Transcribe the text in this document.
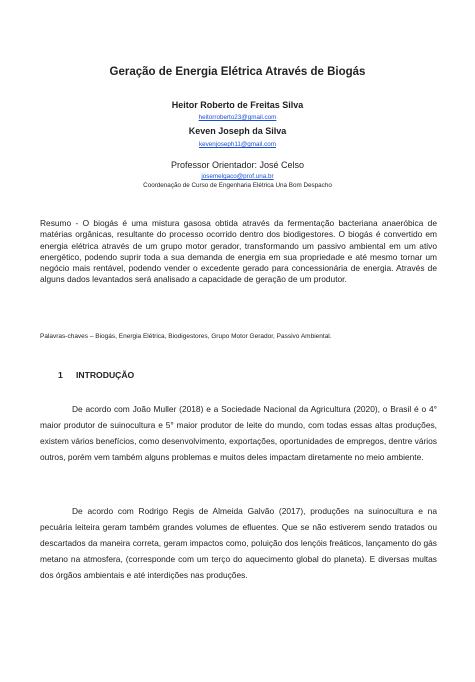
Geração de Energia Elétrica Através de Biogás
Heitor Roberto de Freitas Silva
heitorroberto23@gmail.com
Keven Joseph da Silva
kevenjoseph11@gmail.com
Professor Orientador: José Celso
josemelgaco@prof.una.br
Coordenação de Curso de Engenharia Elétrica Una Bom Despacho
Resumo - O biogás é uma mistura gasosa obtida através da fermentação bacteriana anaeróbica de matérias orgânicas, resultante do processo ocorrido dentro dos biodigestores. O biogás é convertido em energia elétrica através de um grupo motor gerador, transformando um passivo ambiental em um ativo energético, podendo suprir toda a sua demanda de energia em sua propriedade e até mesmo tornar um negócio mais rentável, podendo vender o excedente gerado para concessionária de energia. Através de alguns dados levantados será analisado a capacidade de geração de um produtor.
Palavras-chaves – Biogás, Energia Elétrica, Biodigestores, Grupo Motor Gerador, Passivo Ambiental.
1 INTRODUÇÃO
De acordo com João Muller (2018) e a Sociedade Nacional da Agricultura (2020), o Brasil é o 4° maior produtor de suinocultura e 5° maior produtor de leite do mundo, com todas essas altas produções, existem vários benefícios, como desenvolvimento, exportações, oportunidades de empregos, dentre vários outros, porém vem também alguns problemas e muitos deles impactam diretamente no meio ambiente.
De acordo com Rodrigo Regis de Almeida Galvão (2017), produções na suinocultura e na pecuária leiteira geram também grandes volumes de efluentes. Que se não estiverem sendo tratados ou descartados da maneira correta, geram impactos como, poluição dos lençóis freáticos, lançamento do gás metano na atmosfera, (corresponde com um terço do aquecimento global do planeta). E diversas multas dos órgãos ambientais e até interdições nas produções.
